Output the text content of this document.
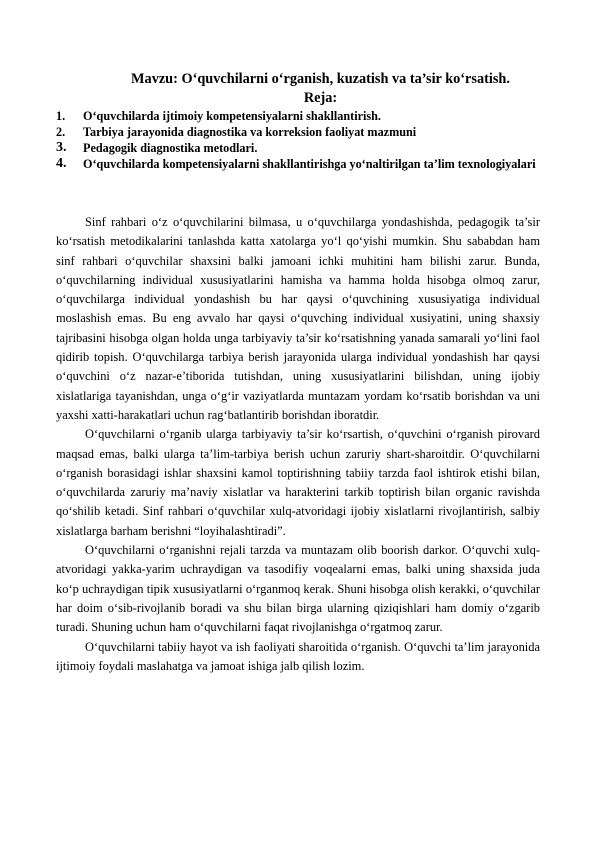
Mavzu: O‘quvchilarni o‘rganish, kuzatish va ta’sir ko‘rsatish.
Reja:
1.	O‘quvchilarda ijtimoiy kompetensiyalarni shakllantirish.
2.	Tarbiya jarayonida diagnostika va korreksion faoliyat mazmuni
3.	Pedagogik diagnostika metodlari.
4.	O‘quvchilarda kompetensiyalarni shakllantirishga yo‘naltirilgan ta’lim texnologiyalari

Sinf rahbari o‘z o‘quvchilarini bilmasa, u o‘quvchilarga yondashishda, pedagogik ta’sir ko‘rsatish metodikalarini tanlashda katta xatolarga yo‘l qo‘yishi mumkin. Shu sababdan ham sinf rahbari o‘quvchilar shaxsini balki jamoani ichki muhitini ham bilishi zarur. Bunda, o‘quvchilarning individual xususiyatlarini hamisha va hamma holda hisobga olmoq zarur, o‘quvchilarga individual yondashish bu har qaysi o‘quvchining xususiyatiga individual moslashish emas. Bu eng avvalo har qaysi o‘quvching individual xusiyatini, uning shaxsiy tajribasini hisobga olgan holda unga tarbiyaviy ta’sir ko‘rsatishning yanada samarali yo‘lini faol qidirib topish. O‘quvchilarga tarbiya berish jarayonida ularga individual yondashish har qaysi o‘quvchini o‘z nazar-e’tiborida tutishdan, uning xususiyatlarini bilishdan, uning ijobiy xislatlariga tayanishdan, unga o‘g‘ir vaziyatlarda muntazam yordam ko‘rsatib borishdan va uni yaxshi xatti-harakatlari uchun rag‘batlantirib borishdan iboratdir.

O‘quvchilarni o‘rganib ularga tarbiyaviy ta’sir ko‘rsartish, o‘quvchini o‘rganish pirovard maqsad emas, balki ularga ta’lim-tarbiya berish uchun zaruriy shart-sharoitdir. O‘quvchilarni o‘rganish borasidagi ishlar shaxsini kamol toptirishning tabiiy tarzda faol ishtirok etishi bilan, o‘quvchilarda zaruriy ma’naviy xislatlar va harakterini tarkib toptirish bilan organic ravishda qo‘shilib ketadi. Sinf rahbari o‘quvchilar xulq-atvoridagi ijobiy xislatlarni rivojlantirish, salbiy xislatlarga barham berishni “loyihalashtiradi”.

O‘quvchilarni o‘rganishni rejali tarzda va muntazam olib boorish darkor. O‘quvchi xulq-atvoridagi yakka-yarim uchraydigan va tasodifiy voqealarni emas, balki uning shaxsida juda ko‘p uchraydigan tipik xususiyatlarni o‘rganmoq kerak. Shuni hisobga olish kerakki, o‘quvchilar har doim o‘sib-rivojlanib boradi va shu bilan birga ularning qiziqishlari ham domiy o‘zgarib turadi. Shuning uchun ham o‘quvchilarni faqat rivojlanishga o‘rgatmoq zarur.

O‘quvchilarni tabiiy hayot va ish faoliyati sharoitida o‘rganish. O‘quvchi ta’lim jarayonida ijtimoiy foydali maslahatga va jamoat ishiga jalb qilish lozim.
